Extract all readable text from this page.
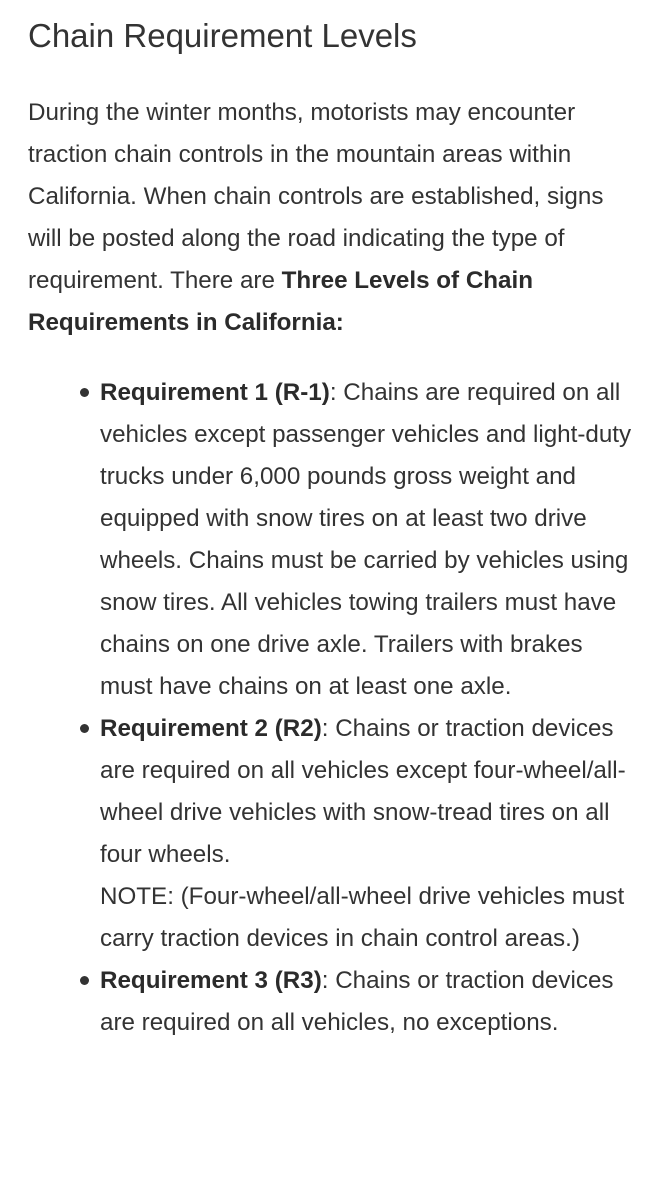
Chain Requirement Levels

During the winter months, motorists may encounter traction chain controls in the mountain areas within California. When chain controls are established, signs will be posted along the road indicating the type of requirement. There are Three Levels of Chain Requirements in California:

Requirement 1 (R-1): Chains are required on all vehicles except passenger vehicles and light-duty trucks under 6,000 pounds gross weight and equipped with snow tires on at least two drive wheels. Chains must be carried by vehicles using snow tires. All vehicles towing trailers must have chains on one drive axle. Trailers with brakes must have chains on at least one axle.
Requirement 2 (R2): Chains or traction devices are required on all vehicles except four-wheel/all-wheel drive vehicles with snow-tread tires on all four wheels.
NOTE: (Four-wheel/all-wheel drive vehicles must carry traction devices in chain control areas.)
Requirement 3 (R3): Chains or traction devices are required on all vehicles, no exceptions.
